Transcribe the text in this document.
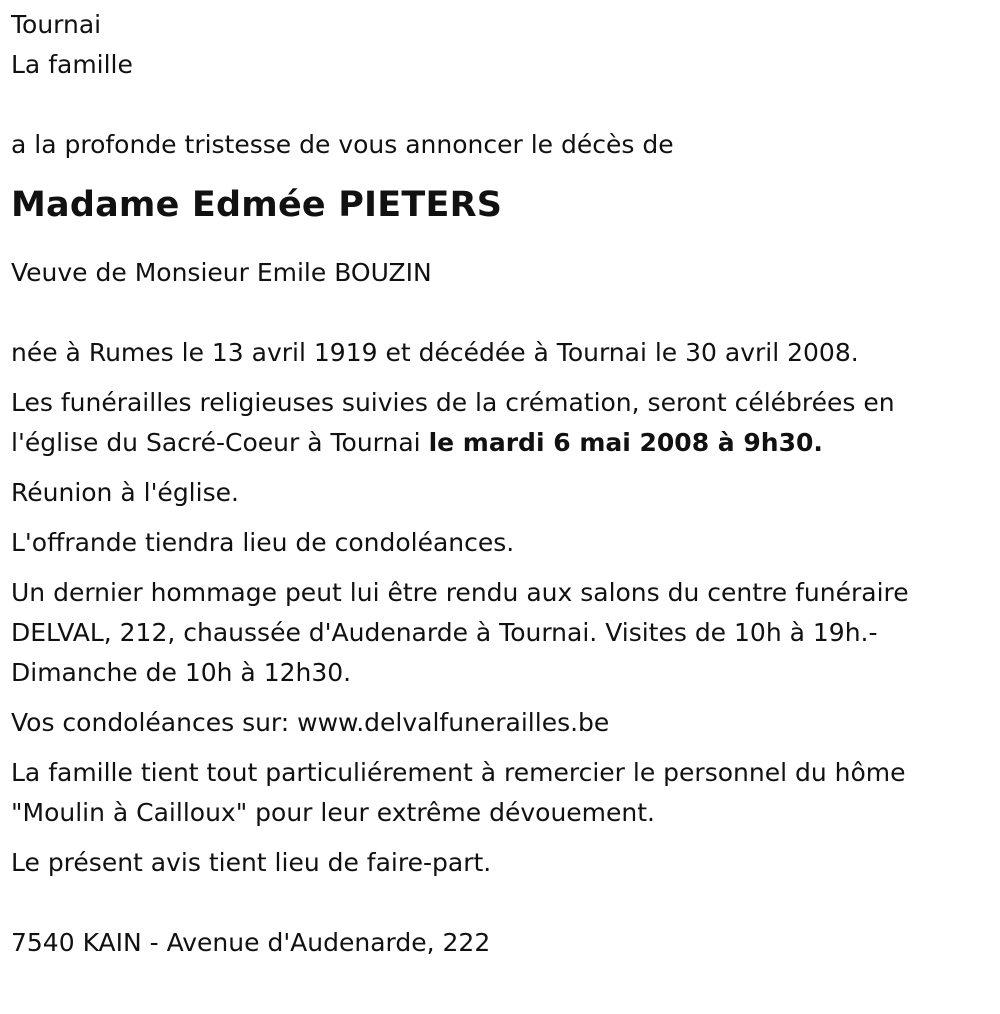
Tournai

La famille

a la profonde tristesse de vous annoncer le décès de

Madame Edmée PIETERS

Veuve de Monsieur Emile BOUZIN

née à Rumes le 13 avril 1919 et décédée à Tournai le 30 avril 2008.

Les funérailles religieuses suivies de la crémation, seront célébrées en

l'église du Sacré-Coeur à Tournai le mardi 6 mai 2008 à 9h30.

Réunion à l'église.

L'offrande tiendra lieu de condoléances.

Un dernier hommage peut lui être rendu aux salons du centre funéraire

DELVAL, 212, chaussée d'Audenarde à Tournai. Visites de 10h à 19h.-

Dimanche de 10h à 12h30.

Vos condoléances sur: www.delvalfunerailles.be

La famille tient tout particuliérement à remercier le personnel du hôme

"Moulin à Cailloux" pour leur extrême dévouement.

Le présent avis tient lieu de faire-part.

7540 KAIN - Avenue d'Audenarde, 222
